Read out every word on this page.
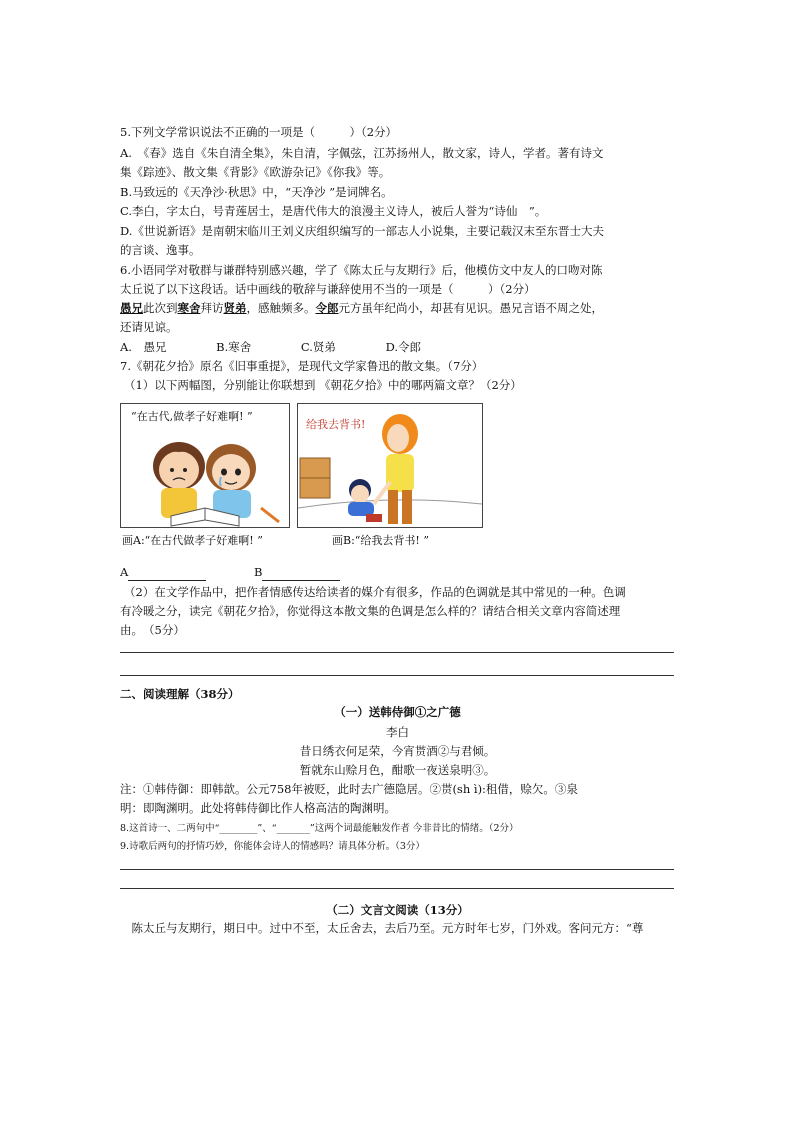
5.下列文学常识说法不正确的一项是（　　　）（2分）
A.　《春》选自《朱自清全集》，朱自清，字佩弦，江苏扬州人，散文家，诗人，学者。著有诗文
集《踪迹》、散文集《背影》《欧游杂记》《你我》等。
B.马致远的《天净沙·秋思》中，“天净沙 ”是词牌名。
C.李白，字太白，号青莲居士，是唐代伟大的浪漫主义诗人，被后人誉为“诗仙　”。
D.《世说新语》是南朝宋临川王刘义庆组织编写的一部志人小说集，主要记载汉末至东晋士大夫
的言谈、逸事。
6.小语同学对敬群与谦群特别感兴趣，学了《陈太丘与友期行》后，他模仿文中友人的口吻对陈
太丘说了以下这段话。话中画线的敬辞与谦辞使用不当的一项是（　　　）（2分）
愚兄此次到寒舍拜访贤弟，感触频多。令郎元方虽年纪尚小，却甚有见识。愚兄言语不周之处，
还请见谅。
A.　愚兄　　　　 B.寒舍　　　　 C.贤弟　　　　 D.令郎
7.《朝花夕拾》原名《旧事重提》，是现代文学家鲁迅的散文集。（7分）
（1）以下两幅图，分别能让你联想到 《朝花夕拾》中的哪两篇文章？（2分）
“在古代,做孝子好难啊! ”
给我去背书!
画A:“在古代做孝子好难啊! ”	画B:“给我去背书! ”
A	B
（2）在文学作品中，把作者情感传达给读者的媒介有很多，作品的色调就是其中常见的一种。色调
有冷暖之分，读完《朝花夕拾》，你觉得这本散文集的色调是怎么样的？请结合相关文章内容简述理
由。　（5分）
二、阅读理解（38分）
（一）送韩侍御①之广德
李白
昔日绣衣何足荣，今宵贳酒②与君倾。
暂就东山赊月色，酣歌一夜送泉明③。
注：①韩侍御：即韩歆。公元758年被贬，此时去广德隐居。②贳(sh ì):租借，赊欠。③泉
明：即陶渊明。此处将韩侍御比作人格高洁的陶渊明。
8.这首诗一、二两句中“________”、“_______”这两个词最能触发作者 今非昔比的情绪。（2分）
9.诗歌后两句的抒情巧妙，你能体会诗人的情感吗？请具体分析。（3分）
（二）文言文阅读（13分）
　陈太丘与友期行，期日中。过中不至，太丘舍去，去后乃至。元方时年七岁，门外戏。客问元方：“尊
